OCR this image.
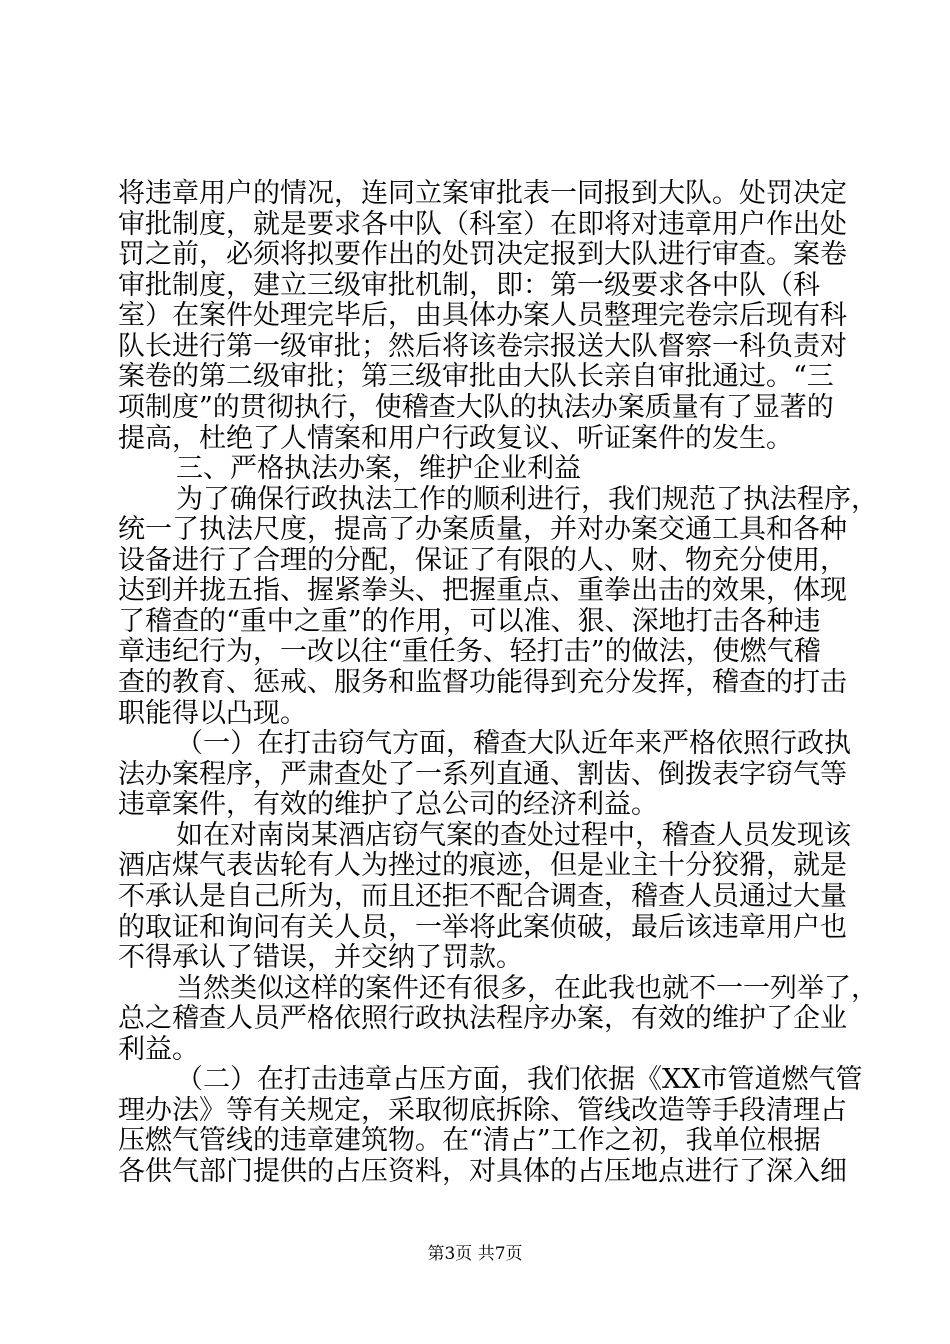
将违章用户的情况，连同立案审批表一同报到大队。处罚决定
审批制度，就是要求各中队（科室）在即将对违章用户作出处
罚之前，必须将拟要作出的处罚决定报到大队进行审查。案卷
审批制度，建立三级审批机制，即：第一级要求各中队（科
室）在案件处理完毕后，由具体办案人员整理完卷宗后现有科
队长进行第一级审批；然后将该卷宗报送大队督察一科负责对
案卷的第二级审批；第三级审批由大队长亲自审批通过。“三
项制度”的贯彻执行，使稽查大队的执法办案质量有了显著的
提高，杜绝了人情案和用户行政复议、听证案件的发生。
三、严格执法办案，维护企业利益
为了确保行政执法工作的顺利进行，我们规范了执法程序，
统一了执法尺度，提高了办案质量，并对办案交通工具和各种
设备进行了合理的分配，保证了有限的人、财、物充分使用，
达到并拢五指、握紧拳头、把握重点、重拳出击的效果，体现
了稽查的“重中之重”的作用，可以准、狠、深地打击各种违
章违纪行为，一改以往“重任务、轻打击”的做法，使燃气稽
查的教育、惩戒、服务和监督功能得到充分发挥，稽查的打击
职能得以凸现。
（一）在打击窃气方面，稽查大队近年来严格依照行政执
法办案程序，严肃查处了一系列直通、割齿、倒拨表字窃气等
违章案件，有效的维护了总公司的经济利益。
如在对南岗某酒店窃气案的查处过程中，稽查人员发现该
酒店煤气表齿轮有人为挫过的痕迹，但是业主十分狡猾，就是
不承认是自己所为，而且还拒不配合调查，稽查人员通过大量
的取证和询问有关人员，一举将此案侦破，最后该违章用户也
不得承认了错误，并交纳了罚款。
当然类似这样的案件还有很多，在此我也就不一一列举了，
总之稽查人员严格依照行政执法程序办案，有效的维护了企业
利益。
（二）在打击违章占压方面，我们依据《XX市管道燃气管
理办法》等有关规定，采取彻底拆除、管线改造等手段清理占
压燃气管线的违章建筑物。在“清占”工作之初，我单位根据
各供气部门提供的占压资料，对具体的占压地点进行了深入细
第3页 共7页
